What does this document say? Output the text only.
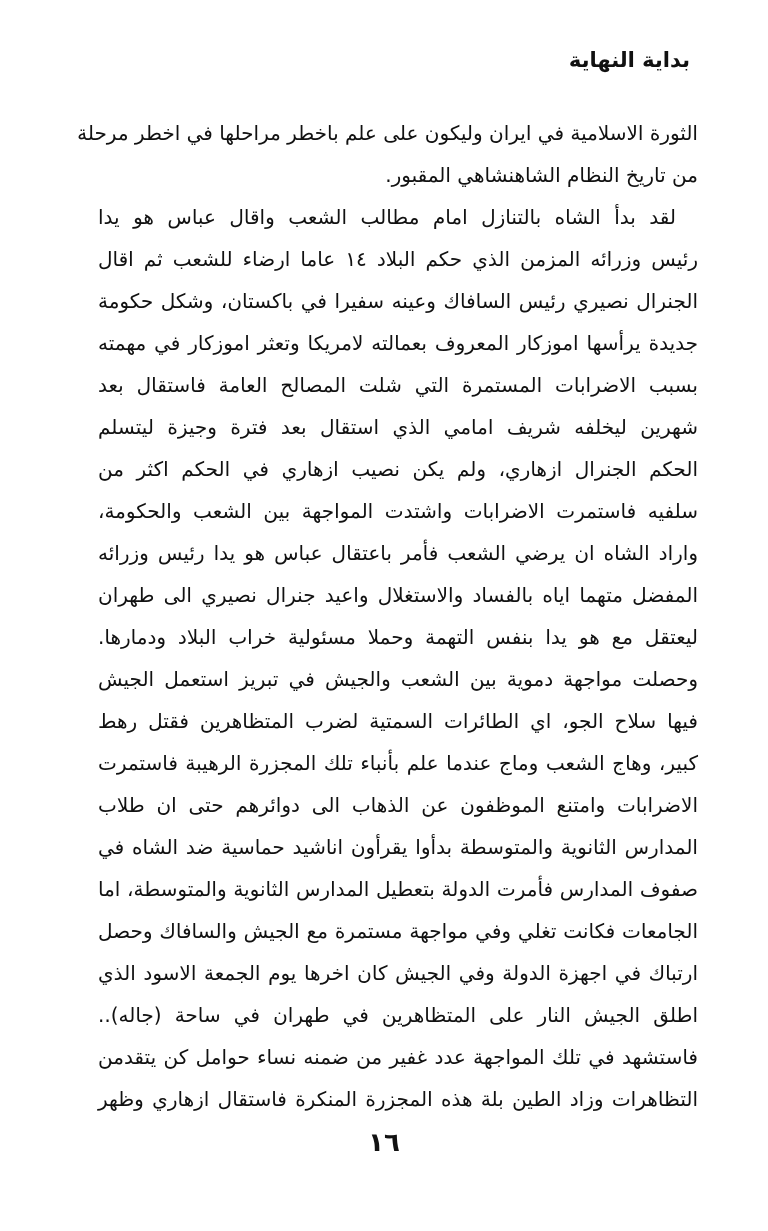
بداية النهاية
الثورة الاسلامية في ايران وليكون على علم باخطر مراحلها في اخطر مرحلة
من تاريخ النظام الشاهنشاهي المقبور.
لقد بدأ الشاه بالتنازل امام مطالب الشعب واقال عباس هو يدا
رئيس وزرائه المزمن الذي حكم البلاد ١٤ عاما ارضاء للشعب ثم اقال
الجنرال نصيري رئيس السافاك وعينه سفيرا في باكستان، وشكل حكومة
جديدة يرأسها اموزكار المعروف بعمالته لامريكا وتعثر اموزكار في مهمته
بسبب الاضرابات المستمرة التي شلت المصالح العامة فاستقال بعد
شهرين ليخلفه شريف امامي الذي استقال بعد فترة وجيزة ليتسلم
الحكم الجنرال ازهاري، ولم يكن نصيب ازهاري في الحكم اكثر من
سلفيه فاستمرت الاضرابات واشتدت المواجهة بين الشعب والحكومة،
واراد الشاه ان يرضي الشعب فأمر باعتقال عباس هو يدا رئيس وزرائه
المفضل متهما اياه بالفساد والاستغلال واعيد جنرال نصيري الى طهران
ليعتقل مع هو يدا بنفس التهمة وحملا مسئولية خراب البلاد ودمارها.
وحصلت مواجهة دموية بين الشعب والجيش في تبريز استعمل الجيش
فيها سلاح الجو، اي الطائرات السمتية لضرب المتظاهرين فقتل رهط
كبير، وهاج الشعب وماج عندما علم بأنباء تلك المجزرة الرهيبة فاستمرت
الاضرابات وامتنع الموظفون عن الذهاب الى دوائرهم حتى ان طلاب
المدارس الثانوية والمتوسطة بدأوا يقرأون اناشيد حماسية ضد الشاه في
صفوف المدارس فأمرت الدولة بتعطيل المدارس الثانوية والمتوسطة، اما
الجامعات فكانت تغلي وفي مواجهة مستمرة مع الجيش والسافاك وحصل
ارتباك في اجهزة الدولة وفي الجيش كان اخرها يوم الجمعة الاسود الذي
اطلق الجيش النار على المتظاهرين في طهران في ساحة (جاله)..
فاستشهد في تلك المواجهة عدد غفير من ضمنه نساء حوامل كن يتقدمن
التظاهرات وزاد الطين بلة هذه المجزرة المنكرة فاستقال ازهاري وظهر
١٦
